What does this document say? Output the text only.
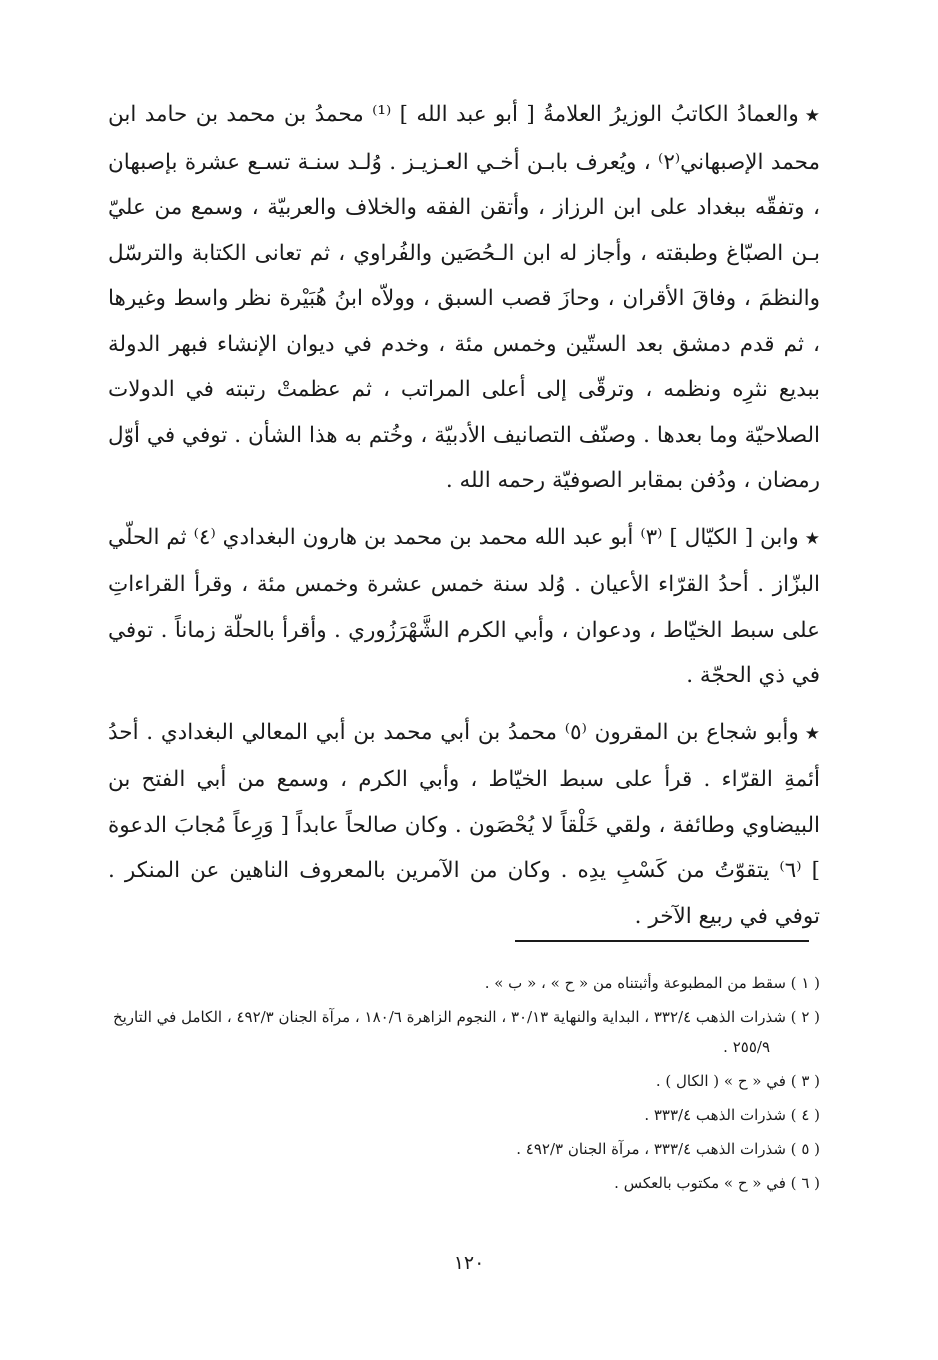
★والعمادُ الكاتبُ الوزيرُ العلامةُ [ أبو عبد الله ] ⁽¹⁾ محمدُ بن محمد بن حامد ابن محمد الإصبهاني⁽٢⁾ ، ويُعرف بابـن أخـي العـزيـز . وُلـد سنـة تسـع عشرة بإصبهان ، وتفقّه ببغداد على ابن الرزاز ، وأتقن الفقه والخلاف والعربيّة ، وسمع من عليّ بـن الصبّاغ وطبقته ، وأجاز له ابن الـحُصَين والفُراوي ، ثم تعانى الكتابة والترسّل والنظمَ ، وفاقَ الأقران ، وحازَ قصب السبق ، وولاّه ابنُ هُبَيْرة نظر واسط وغيرها ، ثم قدم دمشق بعد الستّين وخمس مئة ، وخدم في ديوان الإنشاء فبهر الدولة ببديع نثرِه ونظمه ، وترقّى إلى أعلى المراتب ، ثم عظمتْ رتبته في الدولات الصلاحيّة وما بعدها . وصنّف التصانيف الأدبيّة ، وخُتم به هذا الشأن . توفي في أوّل رمضان ، ودُفن بمقابر الصوفيّة رحمه الله .

★وابن [ الكيّال ] ⁽٣⁾ أبو عبد الله محمد بن محمد بن هارون البغدادي ⁽٤⁾ ثم الحلّي البزّاز . أحدُ القرّاء الأعيان . وُلد سنة خمس عشرة وخمس مئة ، وقرأ القراءاتِ على سبط الخيّاط ، ودعوان ، وأبي الكرم الشَّهْرَزُوري . وأقرأ بالحلّة زماناً . توفي في ذي الحجّة .

★وأبو شجاع بن المقرون ⁽٥⁾ محمدُ بن أبي محمد بن أبي المعالي البغدادي . أحدُ أئمةِ القرّاء . قرأ على سبط الخيّاط ، وأبي الكرم ، وسمع من أبي الفتح بن البيضاوي وطائفة ، ولقي خَلْقاً لا يُحْصَون . وكان صالحاً عابداً [ وَرِعاً مُجابَ الدعوة ] ⁽٦⁾ يتقوّتُ من كَسْبِ يدِه . وكان من الآمرين بالمعروف الناهين عن المنكر . توفي في ربيع الآخر .

( ١ ) سقط من المطبوعة وأثبتناه من « ح » ، « ب » .

( ٢ ) شذرات الذهب ٣٣٢/٤ ، البداية والنهاية ٣٠/١٣ ، النجوم الزاهرة ١٨٠/٦ ، مرآة الجنان ٤٩٢/٣ ، الكامل في التاريخ ٢٥٥/٩ .

( ٣ ) في « ح » ( الكال ) .

( ٤ ) شذرات الذهب ٣٣٣/٤ .

( ٥ ) شذرات الذهب ٣٣٣/٤ ، مرآة الجنان ٤٩٢/٣ .

( ٦ ) في « ح » مكتوب بالعكس .

١٢٠
